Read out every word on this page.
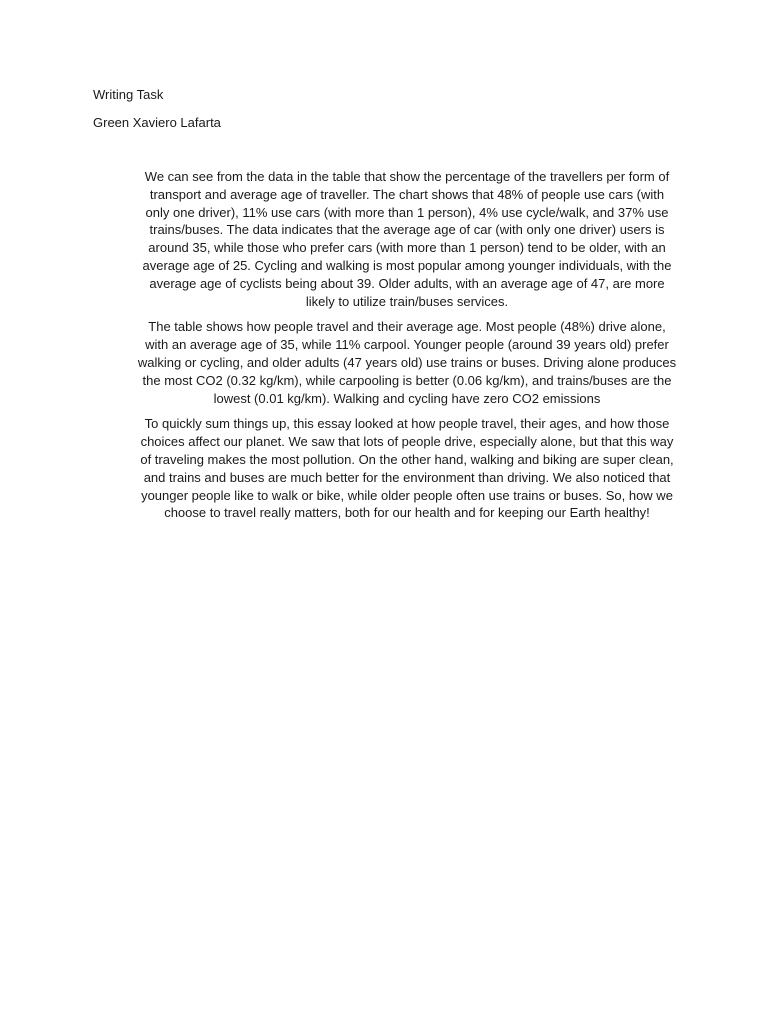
Writing Task

Green Xaviero Lafarta

We can see from the data in the table that show the percentage of the travellers per form of transport and average age of traveller. The chart shows that 48% of people use cars (with only one driver), 11% use cars (with more than 1 person), 4% use cycle/walk, and 37% use trains/buses. The data indicates that the average age of car (with only one driver) users is around 35, while those who prefer cars (with more than 1 person) tend to be older, with an average age of 25. Cycling and walking is most popular among younger individuals, with the average age of cyclists being about 39. Older adults, with an average age of 47, are more likely to utilize train/buses services.

The table shows how people travel and their average age. Most people (48%) drive alone, with an average age of 35, while 11% carpool. Younger people (around 39 years old) prefer walking or cycling, and older adults (47 years old) use trains or buses. Driving alone produces the most CO2 (0.32 kg/km), while carpooling is better (0.06 kg/km), and trains/buses are the lowest (0.01 kg/km). Walking and cycling have zero CO2 emissions

To quickly sum things up, this essay looked at how people travel, their ages, and how those choices affect our planet. We saw that lots of people drive, especially alone, but that this way of traveling makes the most pollution. On the other hand, walking and biking are super clean, and trains and buses are much better for the environment than driving. We also noticed that younger people like to walk or bike, while older people often use trains or buses. So, how we choose to travel really matters, both for our health and for keeping our Earth healthy!
